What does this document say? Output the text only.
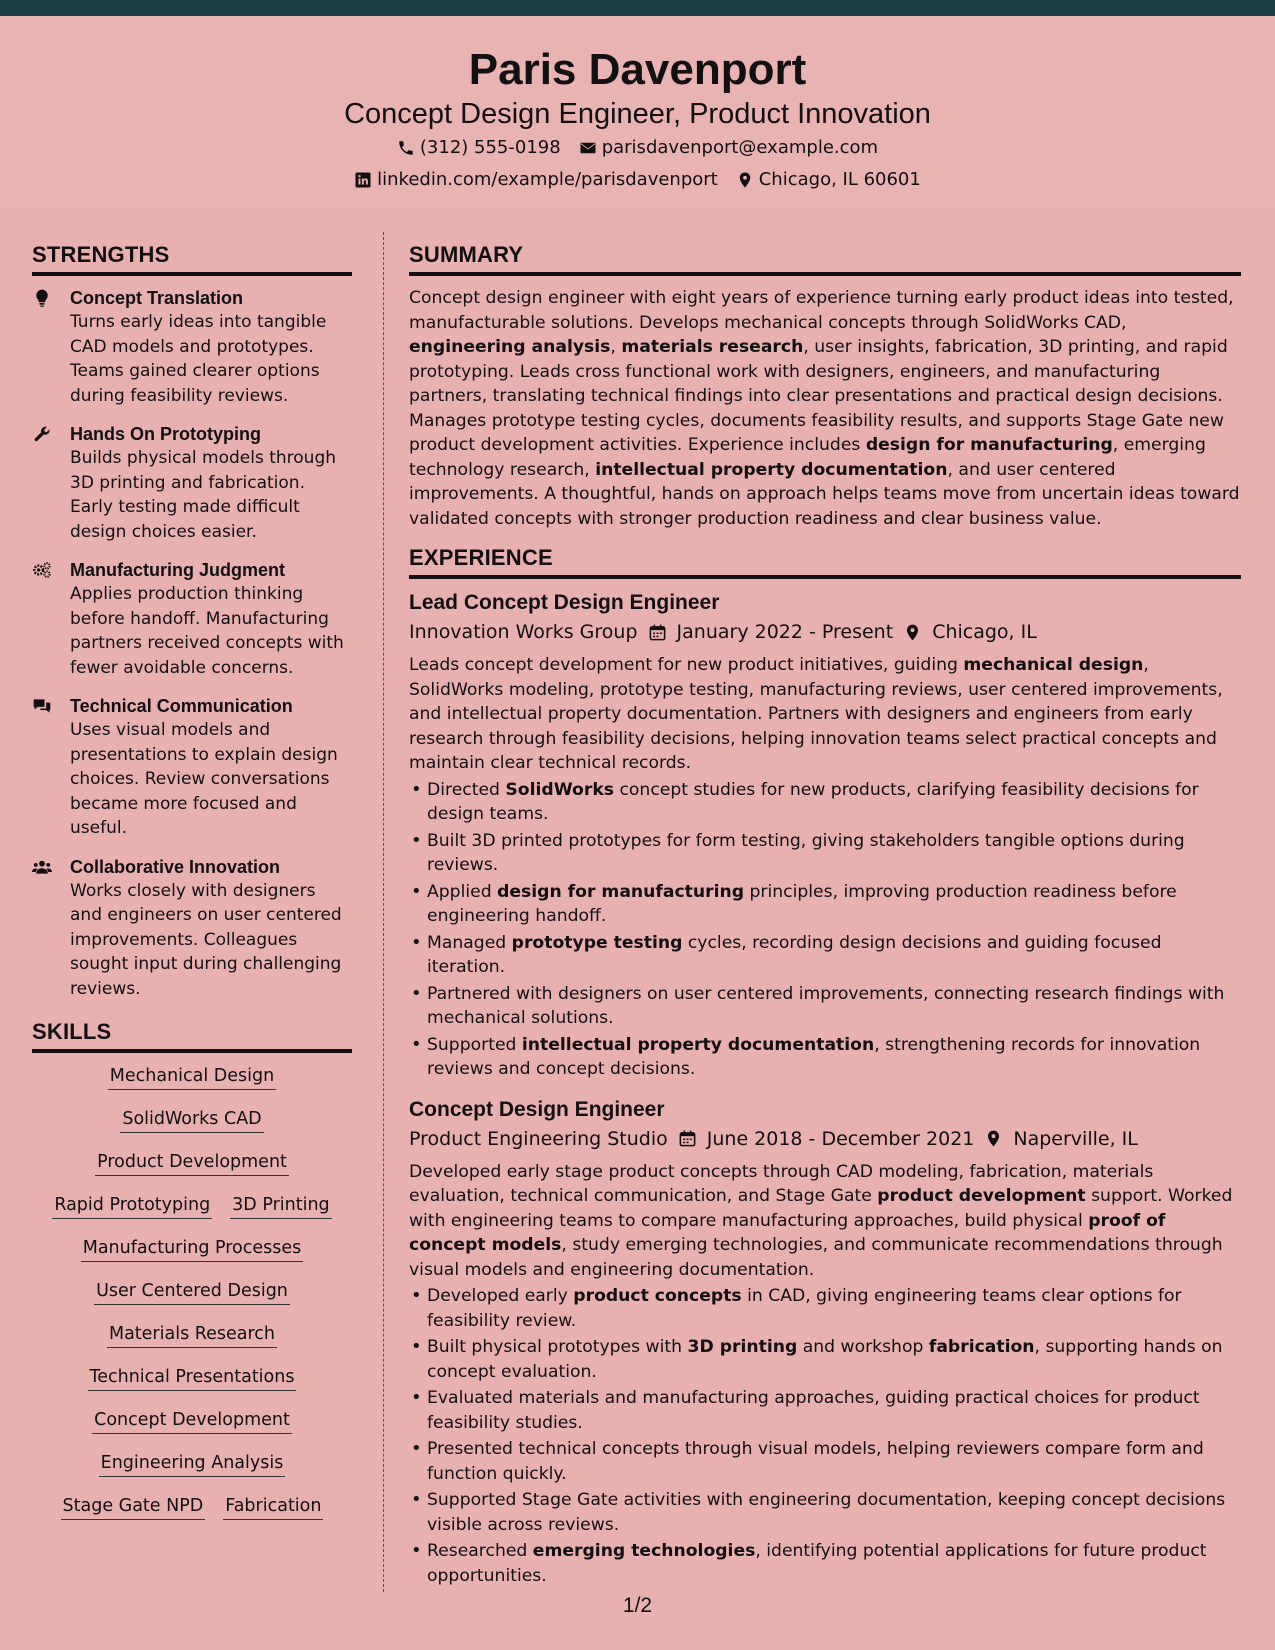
Paris Davenport
Concept Design Engineer, Product Innovation
(312) 555-0198 parisdavenport@example.com
linkedin.com/example/parisdavenport Chicago, IL 60601
STRENGTHS
Concept Translation
Turns early ideas into tangible CAD models and prototypes. Teams gained clearer options during feasibility reviews.
Hands On Prototyping
Builds physical models through 3D printing and fabrication. Early testing made difficult design choices easier.
Manufacturing Judgment
Applies production thinking before handoff. Manufacturing partners received concepts with fewer avoidable concerns.
Technical Communication
Uses visual models and presentations to explain design choices. Review conversations became more focused and useful.
Collaborative Innovation
Works closely with designers and engineers on user centered improvements. Colleagues sought input during challenging reviews.
SKILLS
Mechanical Design
SolidWorks CAD
Product Development
Rapid Prototyping 3D Printing
Manufacturing Processes
User Centered Design
Materials Research
Technical Presentations
Concept Development
Engineering Analysis
Stage Gate NPD Fabrication
SUMMARY

Concept design engineer with eight years of experience turning early product ideas into tested, manufacturable solutions. Develops mechanical concepts through SolidWorks CAD, engineering analysis, materials research, user insights, fabrication, 3D printing, and rapid prototyping. Leads cross functional work with designers, engineers, and manufacturing partners, translating technical findings into clear presentations and practical design decisions. Manages prototype testing cycles, documents feasibility results, and supports Stage Gate new product development activities. Experience includes design for manufacturing, emerging technology research, intellectual property documentation, and user centered improvements. A thoughtful, hands on approach helps teams move from uncertain ideas toward validated concepts with stronger production readiness and clear business value.

EXPERIENCE
Lead Concept Design Engineer
Innovation Works Group January 2022 - Present Chicago, IL
Leads concept development for new product initiatives, guiding mechanical design, SolidWorks modeling, prototype testing, manufacturing reviews, user centered improvements, and intellectual property documentation. Partners with designers and engineers from early research through feasibility decisions, helping innovation teams select practical concepts and maintain clear technical records.
• Directed SolidWorks concept studies for new products, clarifying feasibility decisions for design teams.
• Built 3D printed prototypes for form testing, giving stakeholders tangible options during reviews.
• Applied design for manufacturing principles, improving production readiness before engineering handoff.
• Managed prototype testing cycles, recording design decisions and guiding focused iteration.
• Partnered with designers on user centered improvements, connecting research findings with mechanical solutions.
• Supported intellectual property documentation, strengthening records for innovation reviews and concept decisions.
Concept Design Engineer
Product Engineering Studio June 2018 - December 2021 Naperville, IL
Developed early stage product concepts through CAD modeling, fabrication, materials evaluation, technical communication, and Stage Gate product development support. Worked with engineering teams to compare manufacturing approaches, build physical proof of concept models, study emerging technologies, and communicate recommendations through visual models and engineering documentation.
• Developed early product concepts in CAD, giving engineering teams clear options for feasibility review.
• Built physical prototypes with 3D printing and workshop fabrication, supporting hands on concept evaluation.
• Evaluated materials and manufacturing approaches, guiding practical choices for product feasibility studies.
• Presented technical concepts through visual models, helping reviewers compare form and function quickly.
• Supported Stage Gate activities with engineering documentation, keeping concept decisions visible across reviews.
• Researched emerging technologies, identifying potential applications for future product opportunities.
1/2
